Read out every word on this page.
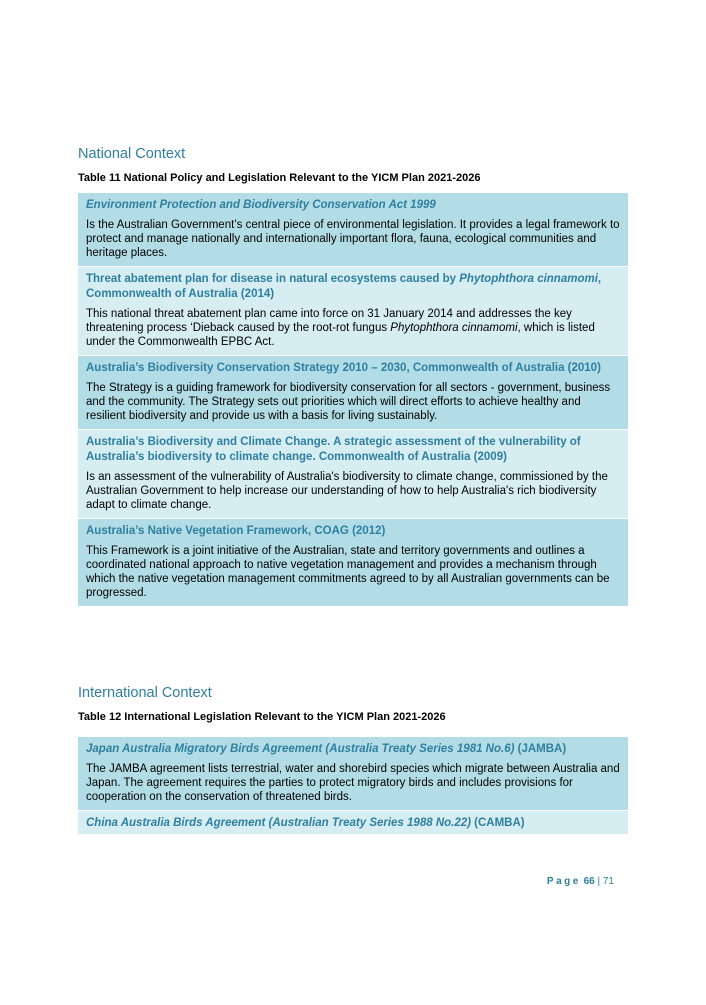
National Context

Table 11 National Policy and Legislation Relevant to the YICM Plan 2021-2026

Environment Protection and Biodiversity Conservation Act 1999

Is the Australian Government’s central piece of environmental legislation. It provides a legal framework to protect and manage nationally and internationally important flora, fauna, ecological communities and heritage places.

Threat abatement plan for disease in natural ecosystems caused by Phytophthora cinnamomi, Commonwealth of Australia (2014)

This national threat abatement plan came into force on 31 January 2014 and addresses the key threatening process ‘Dieback caused by the root-rot fungus Phytophthora cinnamomi, which is listed under the Commonwealth EPBC Act.

Australia’s Biodiversity Conservation Strategy 2010 – 2030, Commonwealth of Australia (2010)

The Strategy is a guiding framework for biodiversity conservation for all sectors - government, business and the community. The Strategy sets out priorities which will direct efforts to achieve healthy and resilient biodiversity and provide us with a basis for living sustainably.

Australia’s Biodiversity and Climate Change. A strategic assessment of the vulnerability of Australia’s biodiversity to climate change. Commonwealth of Australia (2009)

Is an assessment of the vulnerability of Australia's biodiversity to climate change, commissioned by the Australian Government to help increase our understanding of how to help Australia's rich biodiversity adapt to climate change.

Australia’s Native Vegetation Framework, COAG (2012)

This Framework is a joint initiative of the Australian, state and territory governments and outlines a coordinated national approach to native vegetation management and provides a mechanism through which the native vegetation management commitments agreed to by all Australian governments can be progressed.

International Context

Table 12 International Legislation Relevant to the YICM Plan 2021-2026

Japan Australia Migratory Birds Agreement (Australia Treaty Series 1981 No.6) (JAMBA)

The JAMBA agreement lists terrestrial, water and shorebird species which migrate between Australia and Japan. The agreement requires the parties to protect migratory birds and includes provisions for cooperation on the conservation of threatened birds.

China Australia Birds Agreement (Australian Treaty Series 1988 No.22) (CAMBA)

Page 66 | 71
